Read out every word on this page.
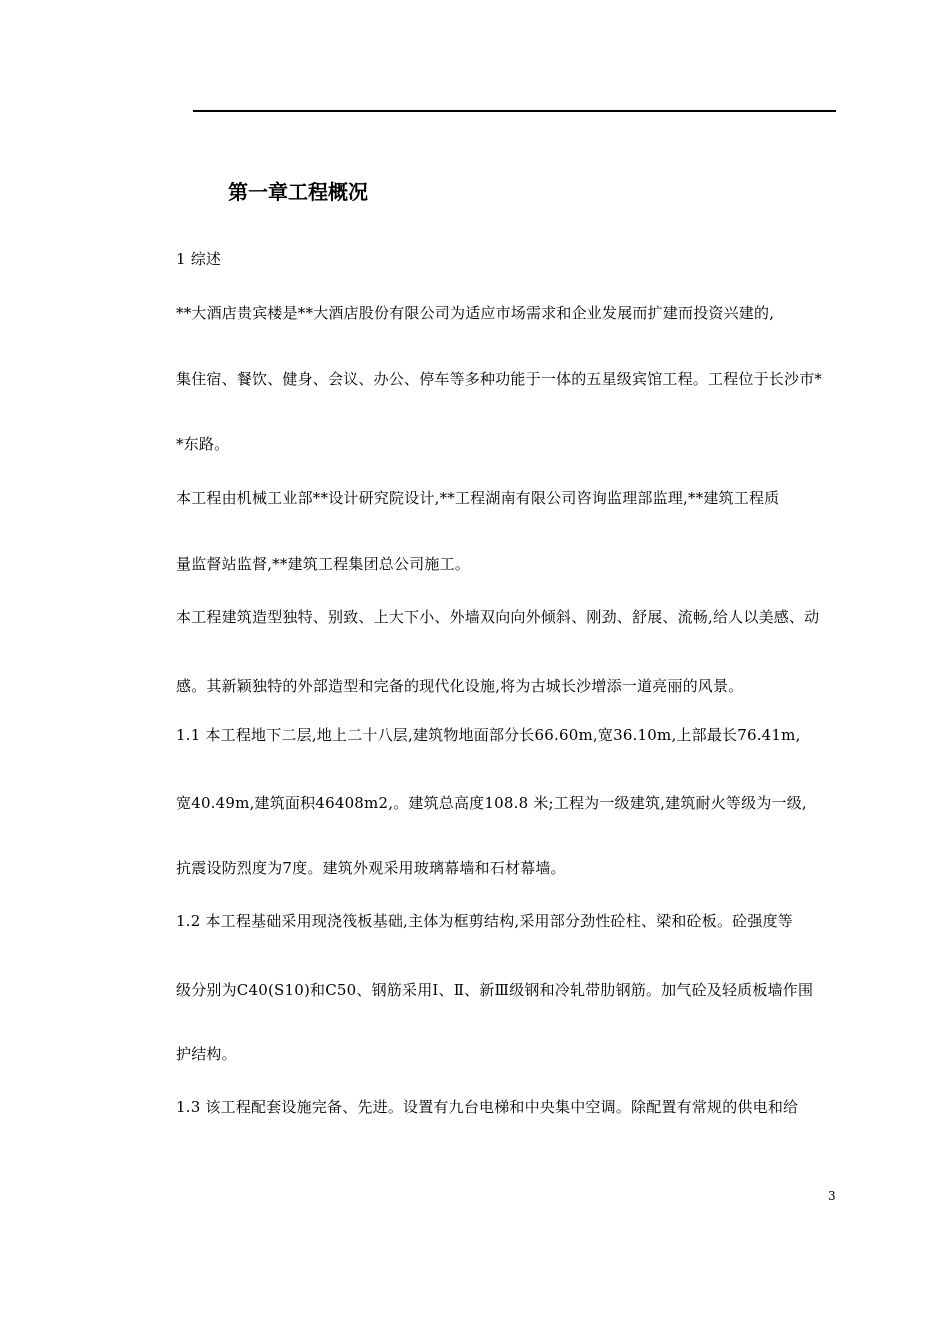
第一章工程概况
1 综述
**大酒店贵宾楼是**大酒店股份有限公司为适应市场需求和企业发展而扩建而投资兴建的,
集住宿、餐饮、健身、会议、办公、停车等多种功能于一体的五星级宾馆工程。工程位于长沙市*
*东路。
本工程由机械工业部**设计研究院设计,**工程湖南有限公司咨询监理部监理,**建筑工程质
量监督站监督,**建筑工程集团总公司施工。
本工程建筑造型独特、别致、上大下小、外墙双向向外倾斜、刚劲、舒展、流畅,给人以美感、动
感。其新颖独特的外部造型和完备的现代化设施,将为古城长沙增添一道亮丽的风景。
1.1 本工程地下二层,地上二十八层,建筑物地面部分长66.60m,宽36.10m,上部最长76.41m,
宽40.49m,建筑面积46408m2,。建筑总高度108.8 米;工程为一级建筑,建筑耐火等级为一级,
抗震设防烈度为7度。建筑外观采用玻璃幕墙和石材幕墙。
1.2 本工程基础采用现浇筏板基础,主体为框剪结构,采用部分劲性砼柱、梁和砼板。砼强度等
级分别为C40(S10)和C50、钢筋采用Ⅰ、Ⅱ、新Ⅲ级钢和冷轧带肋钢筋。加气砼及轻质板墙作围
护结构。
1.3 该工程配套设施完备、先进。设置有九台电梯和中央集中空调。除配置有常规的供电和给
3
